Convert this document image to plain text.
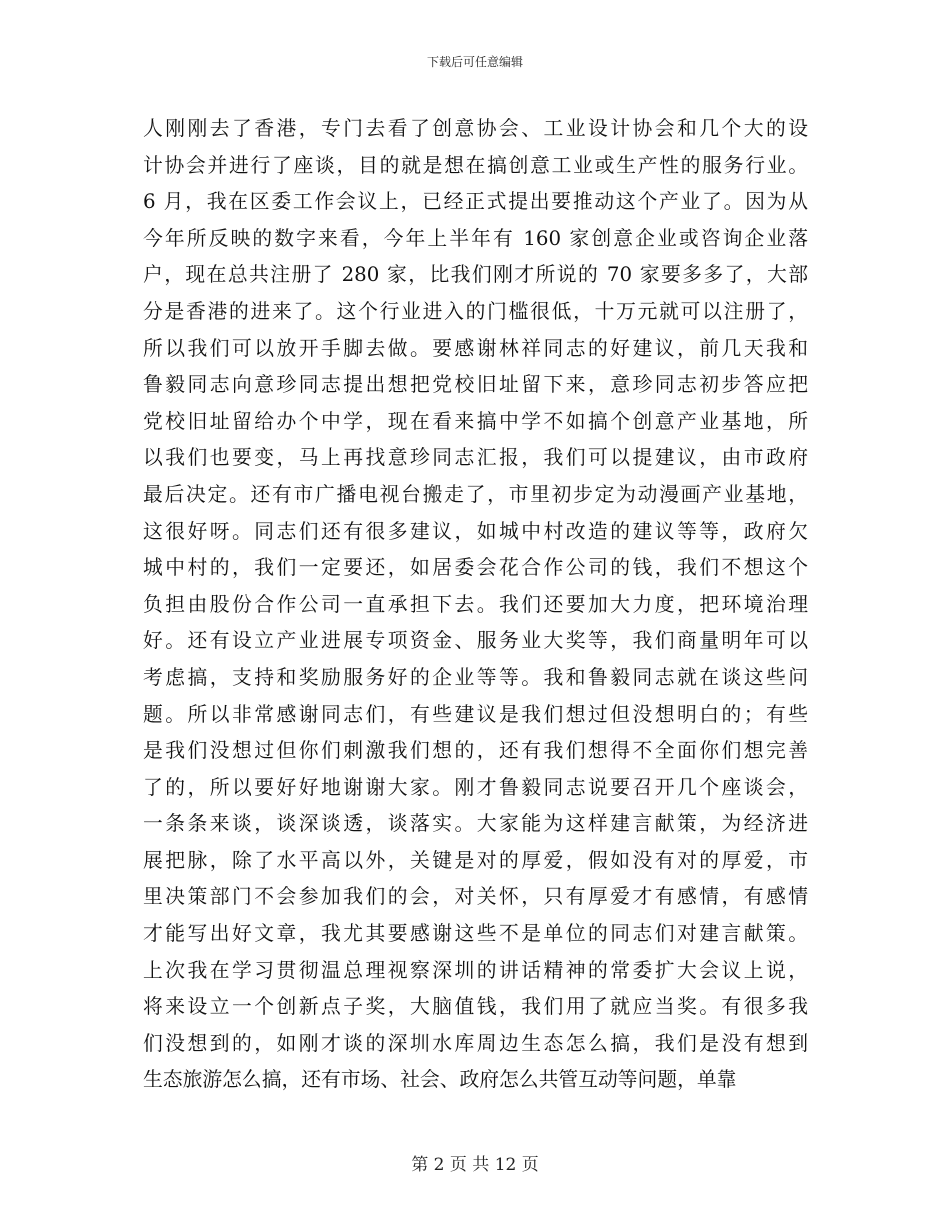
下载后可任意编辑
人刚刚去了香港，专门去看了创意协会、工业设计协会和几个大的设
计协会并进行了座谈，目的就是想在搞创意工业或生产性的服务行业。
6 月，我在区委工作会议上，已经正式提出要推动这个产业了。因为从
今年所反映的数字来看，今年上半年有 160 家创意企业或咨询企业落
户，现在总共注册了 280 家，比我们刚才所说的 70 家要多多了，大部
分是香港的进来了。这个行业进入的门槛很低，十万元就可以注册了，
所以我们可以放开手脚去做。要感谢林祥同志的好建议，前几天我和
鲁毅同志向意珍同志提出想把党校旧址留下来，意珍同志初步答应把
党校旧址留给办个中学，现在看来搞中学不如搞个创意产业基地，所
以我们也要变，马上再找意珍同志汇报，我们可以提建议，由市政府
最后决定。还有市广播电视台搬走了，市里初步定为动漫画产业基地，
这很好呀。同志们还有很多建议，如城中村改造的建议等等，政府欠
城中村的，我们一定要还，如居委会花合作公司的钱，我们不想这个
负担由股份合作公司一直承担下去。我们还要加大力度，把环境治理
好。还有设立产业进展专项资金、服务业大奖等，我们商量明年可以
考虑搞，支持和奖励服务好的企业等等。我和鲁毅同志就在谈这些问
题。所以非常感谢同志们，有些建议是我们想过但没想明白的；有些
是我们没想过但你们刺激我们想的，还有我们想得不全面你们想完善
了的，所以要好好地谢谢大家。刚才鲁毅同志说要召开几个座谈会，
一条条来谈，谈深谈透，谈落实。大家能为这样建言献策，为经济进
展把脉，除了水平高以外，关键是对的厚爱，假如没有对的厚爱，市
里决策部门不会参加我们的会，对关怀，只有厚爱才有感情，有感情
才能写出好文章，我尤其要感谢这些不是单位的同志们对建言献策。
上次我在学习贯彻温总理视察深圳的讲话精神的常委扩大会议上说，
将来设立一个创新点子奖，大脑值钱，我们用了就应当奖。有很多我
们没想到的，如刚才谈的深圳水库周边生态怎么搞，我们是没有想到
生态旅游怎么搞，还有市场、社会、政府怎么共管互动等问题，单靠
第 2 页 共 12 页
